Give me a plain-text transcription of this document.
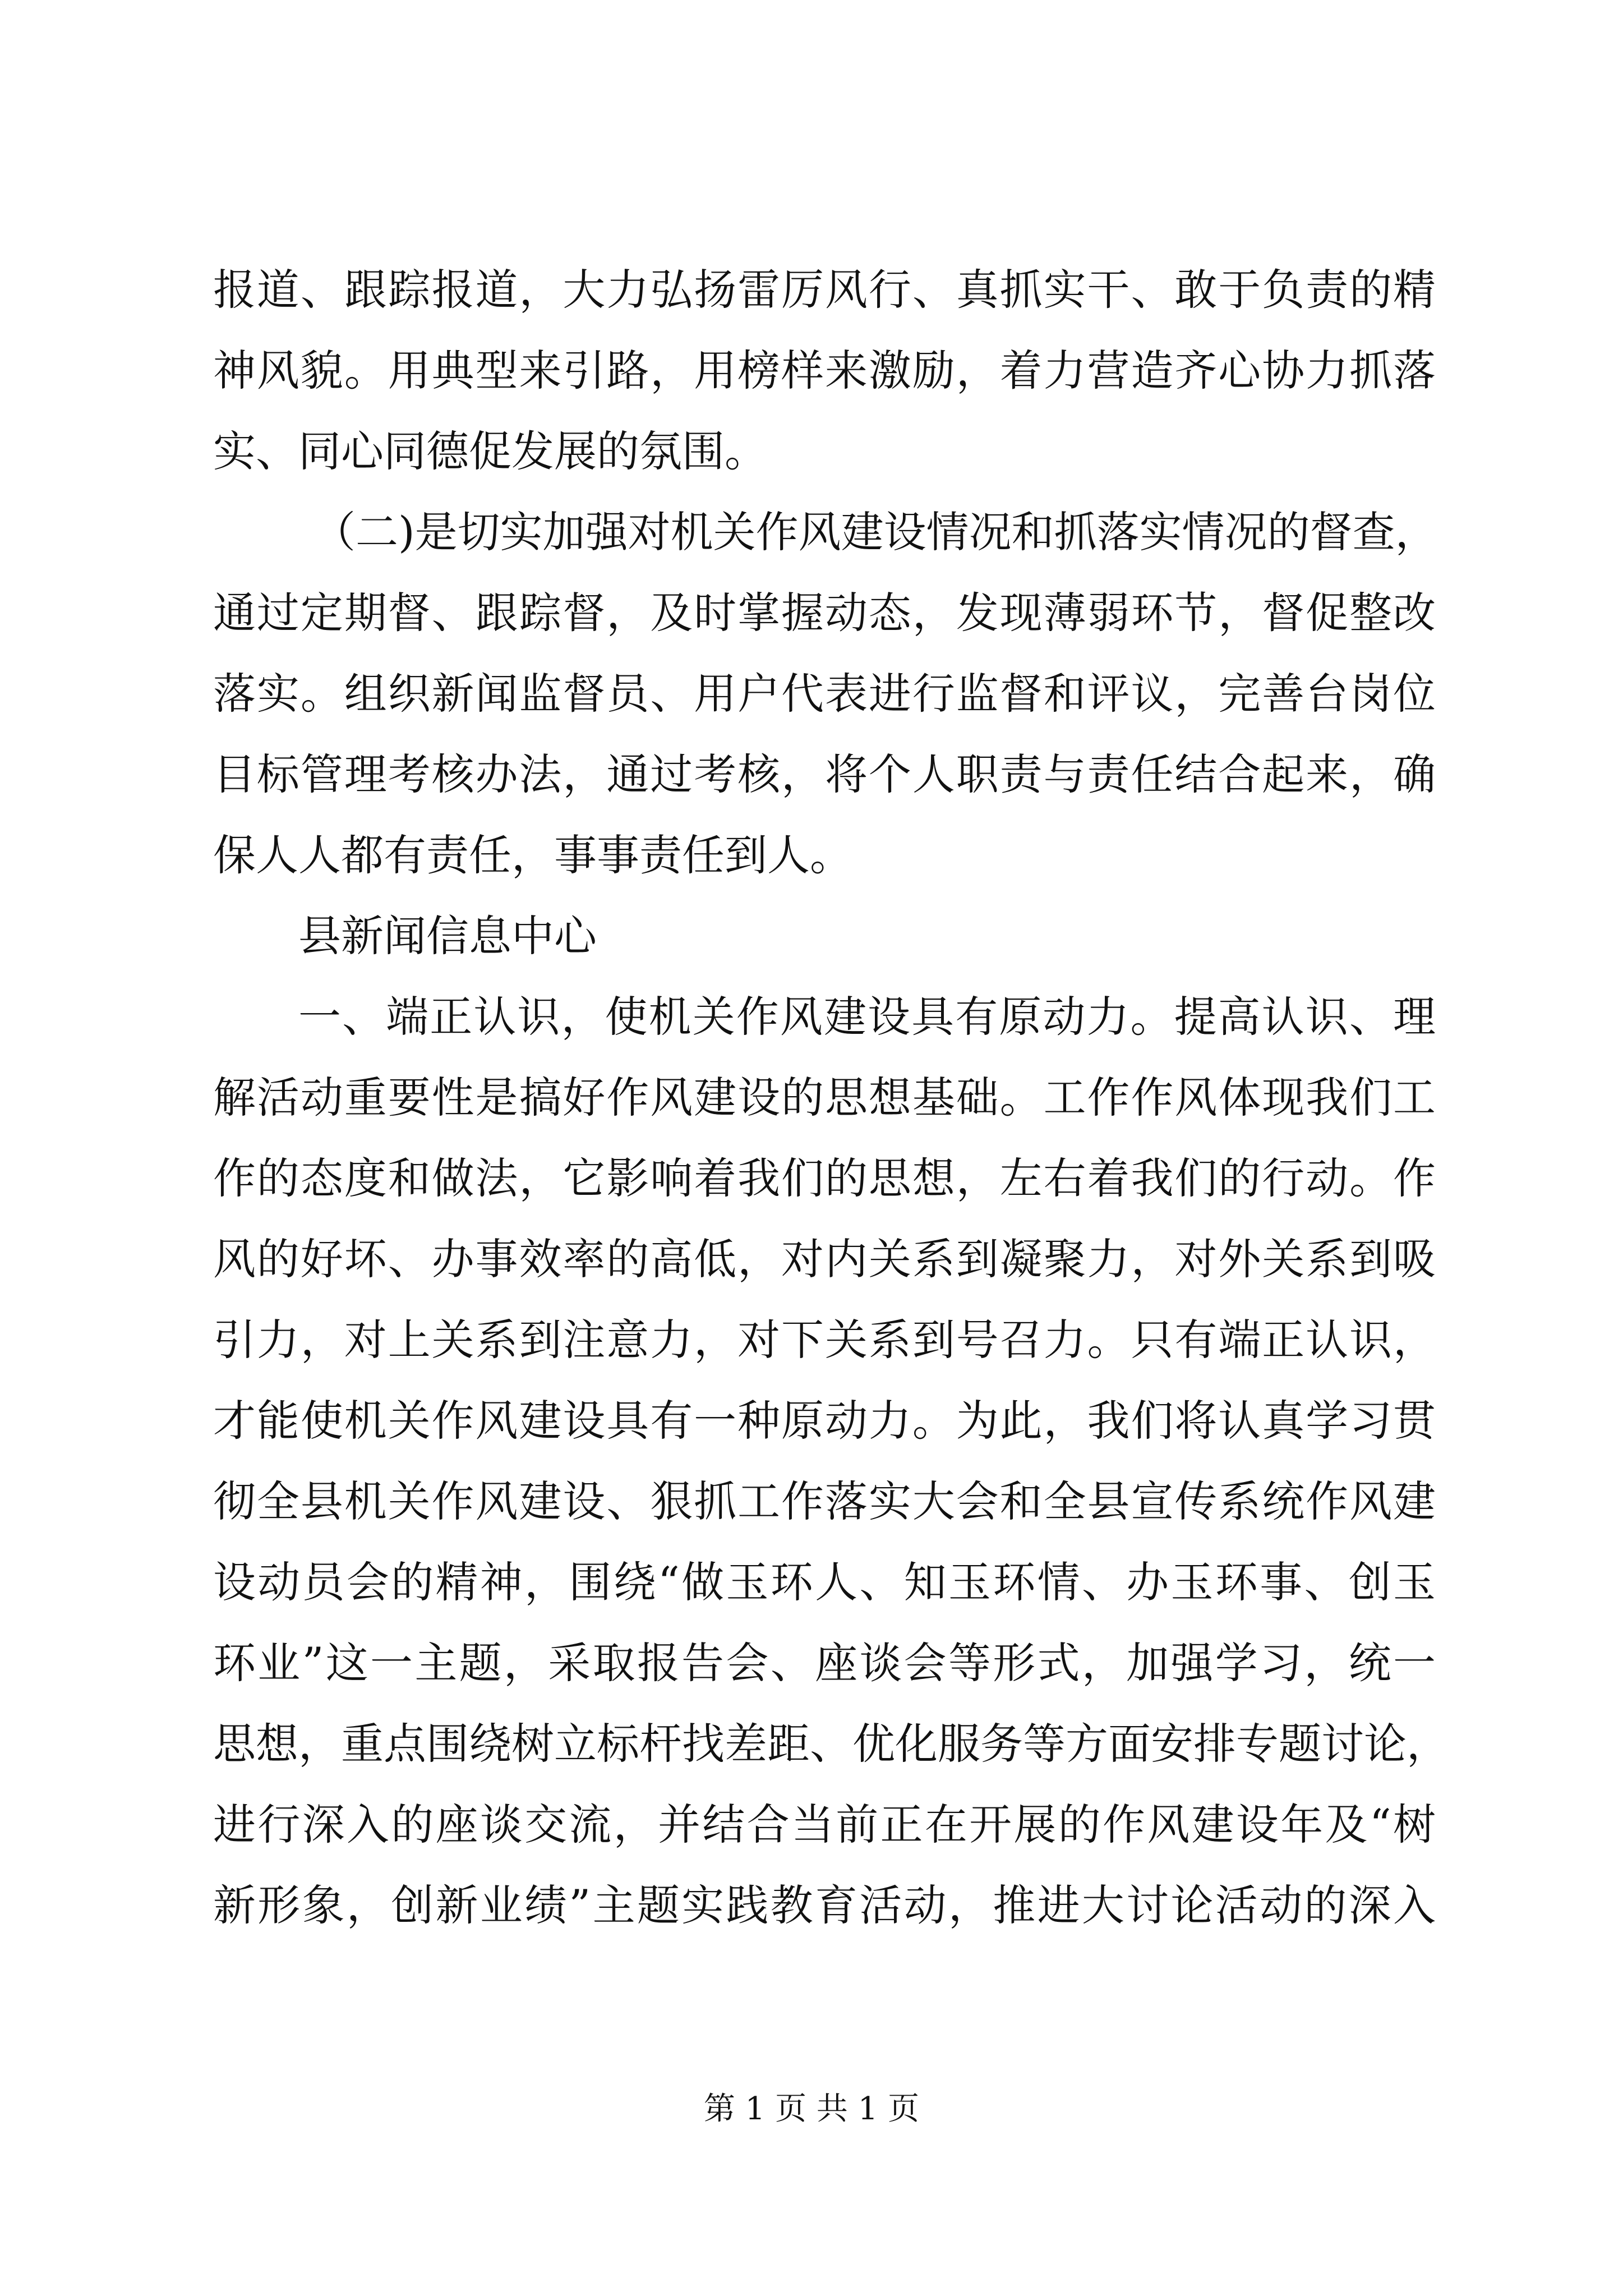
报道、跟踪报道，大力弘扬雷厉风行、真抓实干、敢于负责的精
神风貌。用典型来引路，用榜样来激励，着力营造齐心协力抓落
实、同心同德促发展的氛围。
（二)是切实加强对机关作风建设情况和抓落实情况的督查，
通过定期督、跟踪督，及时掌握动态，发现薄弱环节，督促整改
落实。组织新闻监督员、用户代表进行监督和评议，完善台岗位
目标管理考核办法，通过考核，将个人职责与责任结合起来，确
保人人都有责任，事事责任到人。
县新闻信息中心
一、端正认识，使机关作风建设具有原动力。提高认识、理
解活动重要性是搞好作风建设的思想基础。工作作风体现我们工
作的态度和做法，它影响着我们的思想，左右着我们的行动。作
风的好坏、办事效率的高低，对内关系到凝聚力，对外关系到吸
引力，对上关系到注意力，对下关系到号召力。只有端正认识，
才能使机关作风建设具有一种原动力。为此，我们将认真学习贯
彻全县机关作风建设、狠抓工作落实大会和全县宣传系统作风建
设动员会的精神，围绕“做玉环人、知玉环情、办玉环事、创玉
环业”这一主题，采取报告会、座谈会等形式，加强学习，统一
思想，重点围绕树立标杆找差距、优化服务等方面安排专题讨论，
进行深入的座谈交流，并结合当前正在开展的作风建设年及“树
新形象，创新业绩”主题实践教育活动，推进大讨论活动的深入
第 1 页 共 1 页
